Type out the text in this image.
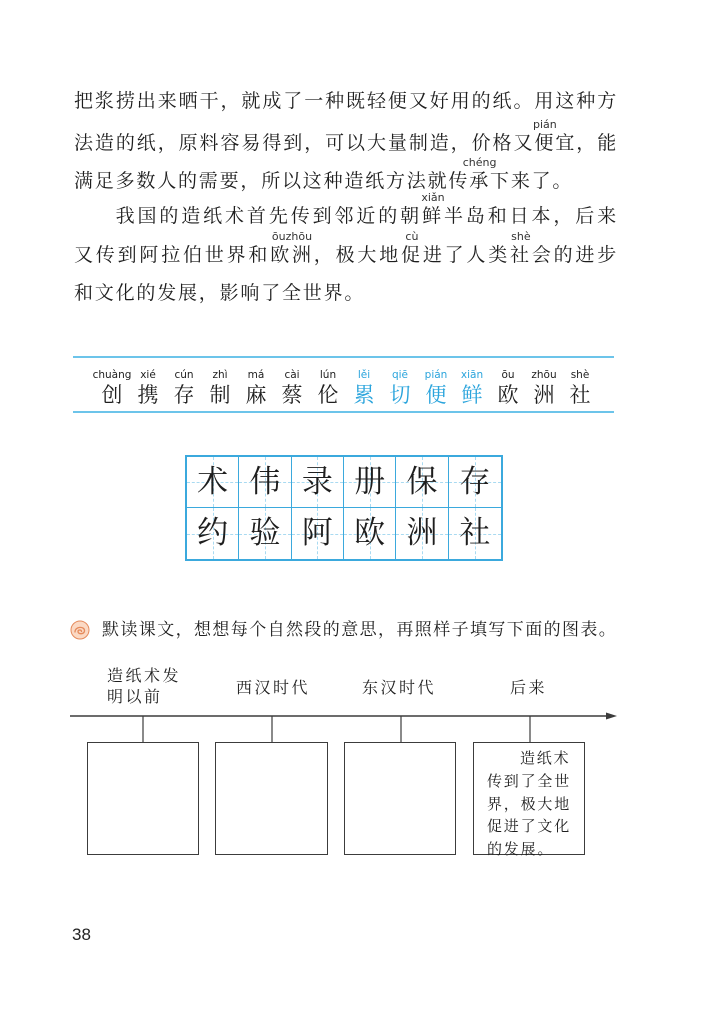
把浆捞出来晒干，就成了一种既轻便又好用的纸。用这种方
法造的纸，原料容易得到，可以大量制造，价格又便
pián
宜，能
满足多数人的需要，所以这种造纸方法就传承
chéng
下来了。
我国的造纸术首先传到邻近的朝鲜
xiǎn
半岛和日本，后来
又传到阿拉伯世界和欧洲
ōuzhōu
，极大地促
cù
进了人类社
shè
会的进步
和文化的发展，影响了全世界。
chuàng
创
xié
携
cún
存
zhì
制
má
麻
cài
蔡
lún
伦
lěi
累
qiē
切
pián
便
xiān
鲜
ōu
欧
zhōu
洲
shè
社
术 伟 录 册 保 存
约 验 阿 欧 洲 社
默读课文，想想每个自然段的意思，再照样子填写下面的图表。
造纸术发
明以前	西汉时代	东汉时代	后来
造纸术
传到了全世
界，极大地
促进了文化
的发展。
38
